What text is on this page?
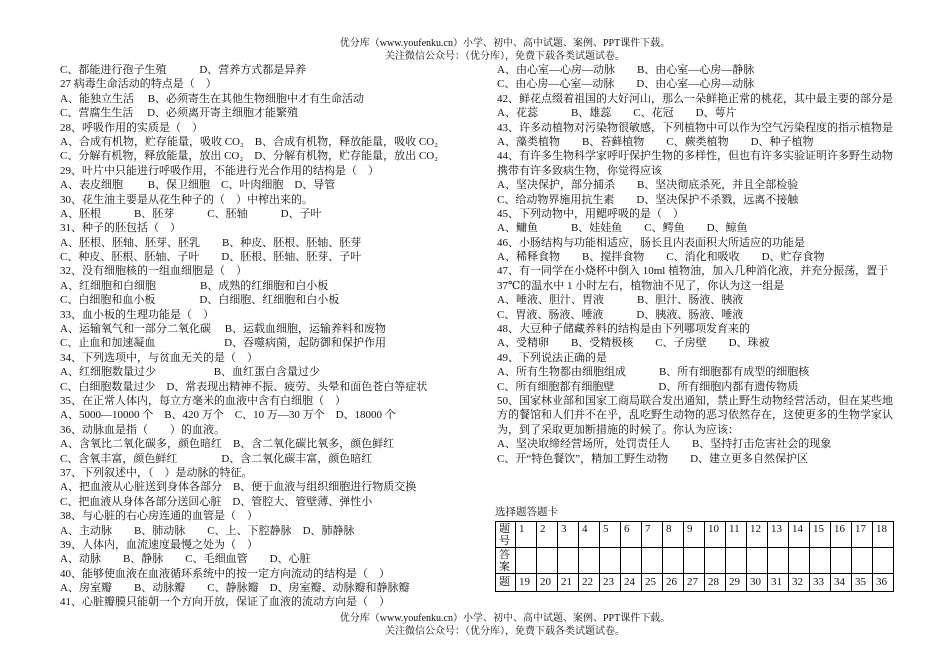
优分库（www.youfenku.cn）小学、初中、高中试题、案例、PPT课件下载。
关注微信公众号：（优分库），免费下载各类试题试卷。
C、都能进行孢子生殖　　　D、营养方式都是异养
27 病毒生命活动的特点是（　）
A、能独立生活　 B、必须寄生在其他生物细胞中才有生命活动
C、营腐生生活　 D、必须离开寄主细胞才能繁殖
28、呼吸作用的实质是（　）
A、合成有机物，贮存能量，吸收 CO₂　B、合成有机物，释放能量，吸收 CO₂
C、分解有机物，释放能量，放出 CO₂　D、分解有机物，贮存能量，放出 CO₂
29、叶片中只能进行呼吸作用，不能进行光合作用的结构是（　）
A、表皮细胞　　 B、保卫细胞　C、叶肉细胞　D、导管
30、花生油主要是从花生种子的（　）中榨出来的。
A、胚根　　　B、胚芽　　　C、胚轴　　　D、子叶
31、种子的胚包括（　）
A、胚根、胚轴、胚芽、胚乳　　B、种皮、胚根、胚轴、胚芽
C、种皮、胚根、胚轴、子叶　　D、胚根、胚轴、胚芽、子叶
32、没有细胞核的一组血细胞是（　）
A、红细胞和白细胞　　　　B、成熟的红细胞和白小板
C、白细胞和血小板　　　　D、白细胞、红细胞和白小板
33、血小板的生理功能是（　）
A、运输氧气和一部分二氧化碳　 B、运载血细胞，运输养料和废物
C、止血和加速凝血　　　　　　 D、吞噬病菌，起防御和保护作用
34、下列选项中，与贫血无关的是（　）
A、红细胞数量过少　　　　　 B、血红蛋白含量过少
C、白细胞数量过少　D、常表现出精神不振、疲劳、头晕和面色苍白等症状
35、在正常人体内，每立方毫米的血液中含有白细胞（　）
A、5000—10000 个　B、420 万个　C、10 万—30 万个　D、18000 个
36、动脉血是指（　　）的血液。
A、含氧比二氧化碳多，颜色暗红　B、含二氧化碳比氧多，颜色鲜红
C、含氧丰富，颜色鲜红　　　　D、含二氧化碳丰富，颜色暗红
37、下列叙述中，（　）是动脉的特征。
A、把血液从心脏送到身体各部分　B、便于血液与组织细胞进行物质交换
C、把血液从身体各部分送回心脏　D、管腔大、管壁薄、弹性小
38、与心脏的右心房连通的血管是（　）
A、主动脉　　B、肺动脉　　C、上、下腔静脉　D、肺静脉
39、人体内，血流速度最慢之处为（　）
A、动脉　　B、静脉　　C、毛细血管　　D、心脏
40、能够使血液在血液循环系统中的按一定方向流动的结构是（　）
A、房室瓣　　B、动脉瓣　　C、静脉瓣　D、房室瓣、动脉瓣和静脉瓣
41、心脏瓣膜只能朝一个方向开放，保证了血液的流动方向是（　）
A、由心室—心房—动脉　　B、由心室—心房—静脉
C、由心房—心室—动脉　　D、由心室—心房—动脉
42、鲜花点缀着祖国的大好河山，那么一朵鲜艳正常的桃花，其中最主要的部分是
A、花蕊　　　B、雄蕊　　C、花冠　　D、萼片
43、许多动植物对污染物很敏感，下列植物中可以作为空气污染程度的指示植物是
A、藻类植物　　B、苔藓植物　　C、蕨类植物　　D、种子植物
44、有许多生物科学家呼吁保护生物的多样性，但也有许多实验证明许多野生动物
携带有许多致病生物，你觉得应该
A、坚决保护，部分捕杀　　B、坚决彻底杀死，并且全部检验
C、给动物界施用抗生素　　D、坚决保护不杀戮，远离不接触
45、下列动物中，用鳃呼吸的是（　）
A、鳙鱼　　　B、娃娃鱼　　C、鳄鱼　　D、鲸鱼
46、小肠结构与功能相适应，肠长且内表面积大所适应的功能是
A、稀释食物　　B、搅拌食物　　C、消化和吸收　　D、贮存食物
47、有一同学在小烧杯中倒入 10ml 植物油，加入几种消化液，并充分振荡，置于
37℃的温水中 1 小时左右，植物油不见了，你认为这一组是
A、唾液、胆汁、胃液　　　B、胆汁、肠液、胰液
C、胃液、肠液、唾液　　　D、胰液、肠液、唾液
48、大豆种子储藏养料的结构是由下列哪项发育来的
A、受精卵　　B、受精极核　　C、子房壁　　D、珠被
49、下列说法正确的是
A、所有生物都由细胞组成　　　B、所有细胞都有成型的细胞核
C、所有细胞都有细胞壁　　　　D、所有细胞内都有遗传物质
50、国家林业部和国家工商局联合发出通知，禁止野生动物经营活动，但在某些地
方的餐馆和人们并不在乎，乱吃野生动物的恶习依然存在，这使更多的生物学家认
为，到了采取更加断措施的时候了。你认为应该：
A、坚决取缔经营场所，处罚责任人　　B、坚持打击危害社会的现象
C、开“特色餐饮”，精加工野生动物　　D、建立更多自然保护区
选择题答题卡
题号	1	2	3	4	5	6	7	8	9	10	11	12	13	14	15	16	17	18
答案																		
题	19	20	21	22	23	24	25	26	27	28	29	30	31	32	33	34	35	36
优分库（www.youfenku.cn）小学、初中、高中试题、案例、PPT课件下载。
关注微信公众号：（优分库），免费下载各类试题试卷。
